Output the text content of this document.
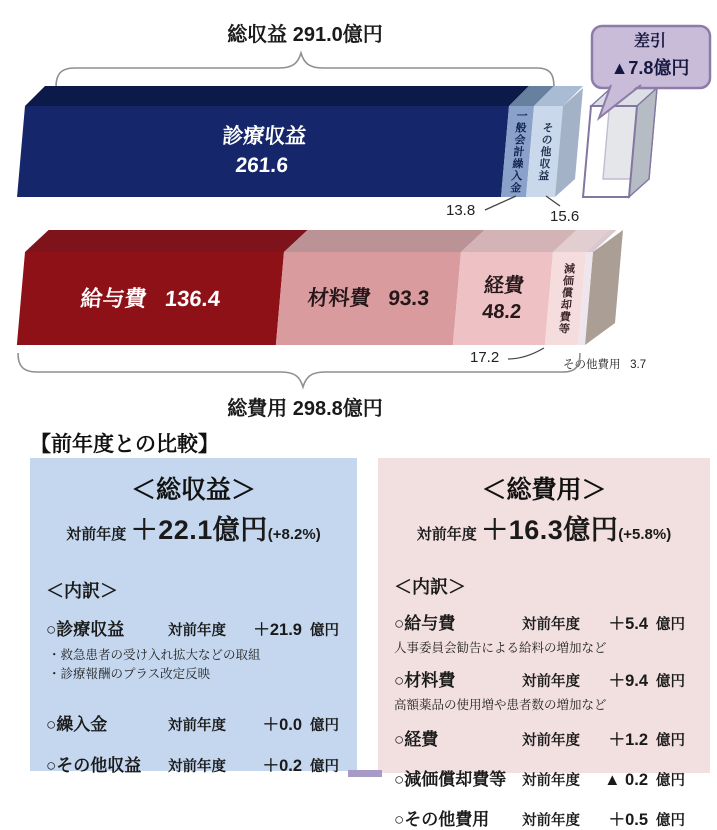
総収益 291.0億円
診療収益
261.6	一般会計繰入金 その他収益
差引
▲7.8億円
13.8	15.6
給与費 136.4	材料費 93.3
経費
48.2	減価償却費等
17.2	その他費用 3.7
総費用 298.8億円
【前年度との比較】
＜総収益＞
対前年度 ＋22.1億円(+8.2%)
＜内訳＞
○診療収益	対前年度	＋21.9 億円
・救急患者の受け入れ拡大などの取組
・診療報酬のプラス改定反映
○繰入金	対前年度	＋0.0 億円
○その他収益	対前年度	＋0.2 億円
＜総費用＞
対前年度 ＋16.3億円(+5.8%)
＜内訳＞
○給与費	対前年度	＋5.4 億円
人事委員会勧告による給料の増加など
○材料費	対前年度	＋9.4 億円
高額薬品の使用増や患者数の増加など
○経費	対前年度	＋1.2 億円
○減価償却費等	対前年度	▲ 0.2 億円
○その他費用	対前年度	＋0.5 億円
